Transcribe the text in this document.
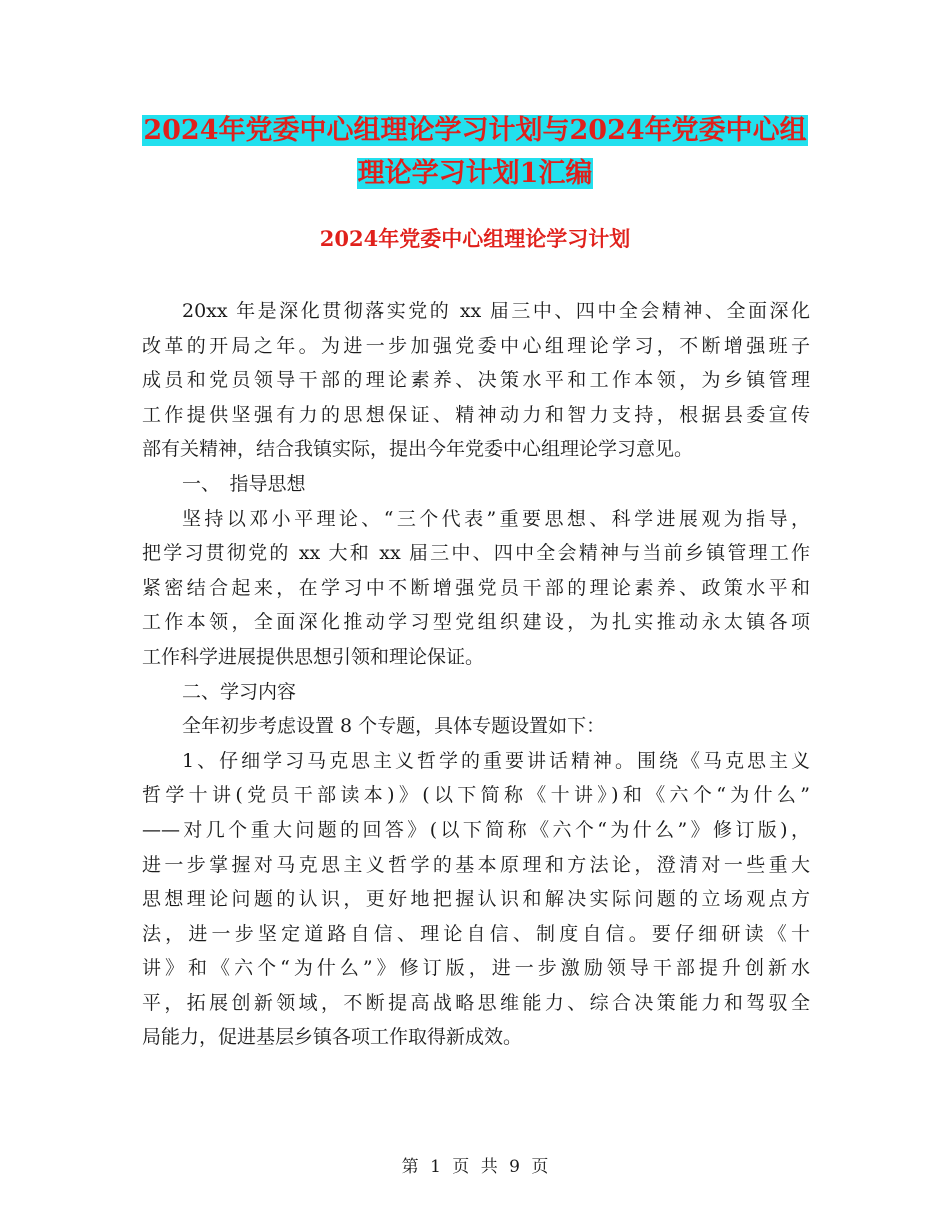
2024年党委中心组理论学习计划与2024年党委中心组
理论学习计划1汇编
2024年党委中心组理论学习计划
20xx 年是深化贯彻落实党的 xx 届三中、四中全会精神、全面深化
改革的开局之年。为进一步加强党委中心组理论学习，不断增强班子
成员和党员领导干部的理论素养、决策水平和工作本领，为乡镇管理
工作提供坚强有力的思想保证、精神动力和智力支持，根据县委宣传
部有关精神，结合我镇实际，提出今年党委中心组理论学习意见。
一、　指导思想
坚持以邓小平理论、“三个代表”重要思想、科学进展观为指导，
把学习贯彻党的 xx 大和 xx 届三中、四中全会精神与当前乡镇管理工作
紧密结合起来，在学习中不断增强党员干部的理论素养、政策水平和
工作本领，全面深化推动学习型党组织建设，为扎实推动永太镇各项
工作科学进展提供思想引领和理论保证。
二、学习内容
全年初步考虑设置 8 个专题，具体专题设置如下：
1、仔细学习马克思主义哲学的重要讲话精神。围绕《马克思主义
哲学十讲(党员干部读本)》(以下简称《十讲》)和《六个“为什么”
——对几个重大问题的回答》(以下简称《六个“为什么”》修订版)，
进一步掌握对马克思主义哲学的基本原理和方法论，澄清对一些重大
思想理论问题的认识，更好地把握认识和解决实际问题的立场观点方
法，进一步坚定道路自信、理论自信、制度自信。要仔细研读《十
讲》和《六个“为什么”》修订版，进一步激励领导干部提升创新水
平，拓展创新领域，不断提高战略思维能力、综合决策能力和驾驭全
局能力，促进基层乡镇各项工作取得新成效。
第 1 页 共 9 页
